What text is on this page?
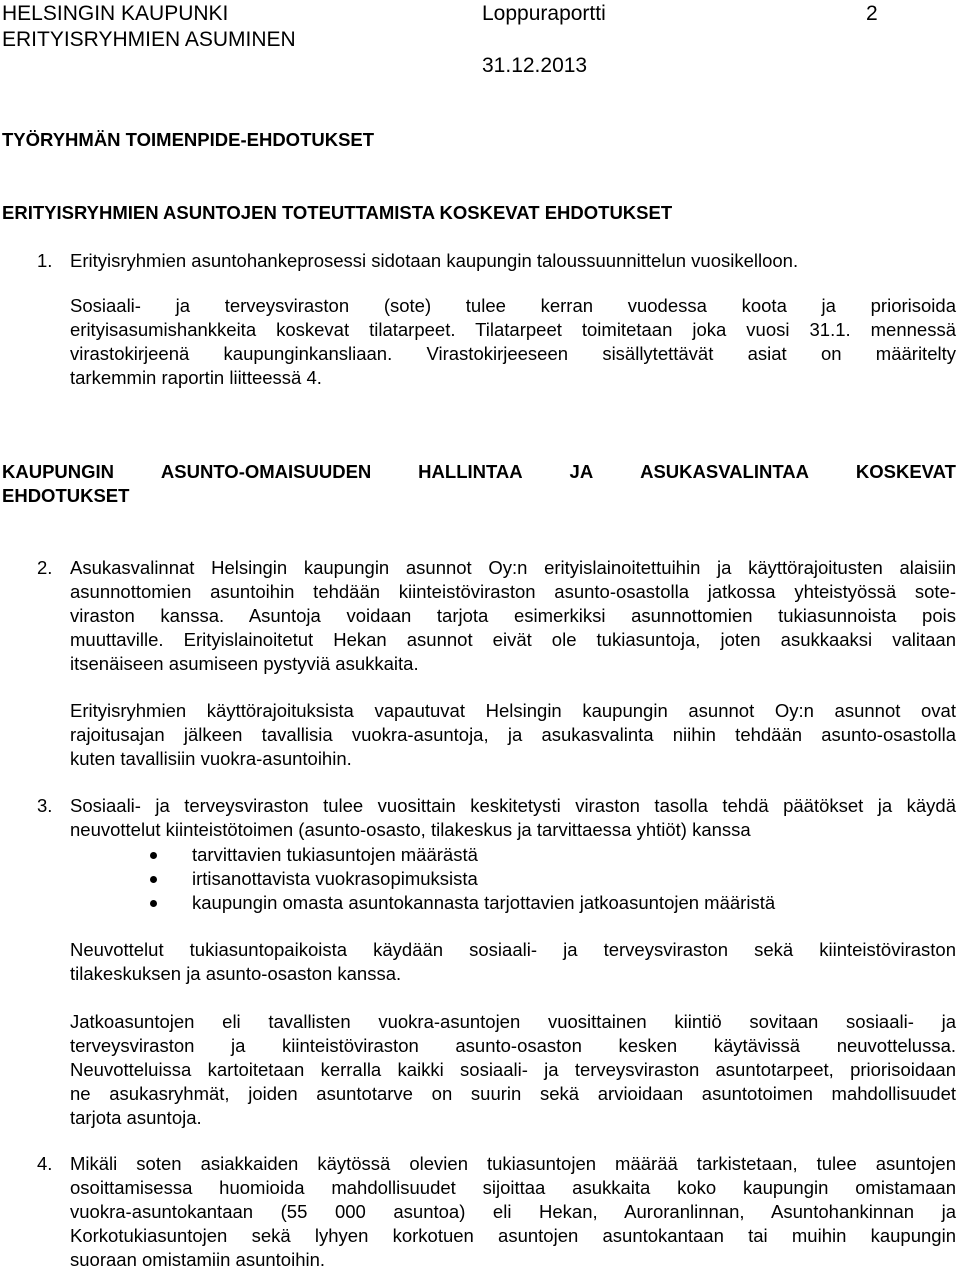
HELSINGIN KAUPUNKI
ERITYISRYHMIEN ASUMINEN
Loppuraportti	2
31.12.2013
TYÖRYHMÄN TOIMENPIDE-EHDOTUKSET
ERITYISRYHMIEN ASUNTOJEN TOTEUTTAMISTA KOSKEVAT EHDOTUKSET
1. Erityisryhmien asuntohankeprosessi sidotaan kaupungin taloussuunnittelun vuosikelloon.
Sosiaali- ja terveysviraston (sote) tulee kerran vuodessa koota ja priorisoida
erityisasumishankkeita koskevat tilatarpeet. Tilatarpeet toimitetaan joka vuosi 31.1. mennessä
virastokirjeenä kaupunginkansliaan. Virastokirjeeseen sisällytettävät asiat on määritelty
tarkemmin raportin liitteessä 4.
KAUPUNGIN	ASUNTO-OMAISUUDEN	HALLINTAA	JA	ASUKASVALINTAA	KOSKEVAT
EHDOTUKSET
2. Asukasvalinnat Helsingin kaupungin asunnot Oy:n erityislainoitettuihin ja käyttörajoitusten alaisiin
asunnottomien asuntoihin tehdään kiinteistöviraston asunto-osastolla jatkossa yhteistyössä sote-
viraston kanssa. Asuntoja voidaan tarjota esimerkiksi asunnottomien tukiasunnoista pois
muuttaville. Erityislainoitetut Hekan asunnot eivät ole tukiasuntoja, joten asukkaaksi valitaan
itsenäiseen asumiseen pystyviä asukkaita.
Erityisryhmien käyttörajoituksista vapautuvat Helsingin kaupungin asunnot Oy:n asunnot ovat
rajoitusajan jälkeen tavallisia vuokra-asuntoja, ja asukasvalinta niihin tehdään asunto-osastolla
kuten tavallisiin vuokra-asuntoihin.
3. Sosiaali- ja terveysviraston tulee vuosittain keskitetysti viraston tasolla tehdä päätökset ja käydä
neuvottelut kiinteistötoimen (asunto-osasto, tilakeskus ja tarvittaessa yhtiöt) kanssa
tarvittavien tukiasuntojen määrästä
irtisanottavista vuokrasopimuksista
kaupungin omasta asuntokannasta tarjottavien jatkoasuntojen määristä
Neuvottelut tukiasuntopaikoista käydään sosiaali- ja terveysviraston sekä kiinteistöviraston
tilakeskuksen ja asunto-osaston kanssa.
Jatkoasuntojen eli tavallisten vuokra-asuntojen vuosittainen kiintiö sovitaan sosiaali- ja
terveysviraston ja kiinteistöviraston asunto-osaston kesken käytävissä neuvottelussa.
Neuvotteluissa kartoitetaan kerralla kaikki sosiaali- ja terveysviraston asuntotarpeet, priorisoidaan
ne asukasryhmät, joiden asuntotarve on suurin sekä arvioidaan asuntotoimen mahdollisuudet
tarjota asuntoja.
4. Mikäli soten asiakkaiden käytössä olevien tukiasuntojen määrää tarkistetaan, tulee asuntojen
osoittamisessa huomioida mahdollisuudet sijoittaa asukkaita koko kaupungin omistamaan
vuokra-asuntokantaan (55 000 asuntoa) eli Hekan, Auroranlinnan, Asuntohankinnan ja
Korkotukiasuntojen sekä lyhyen korkotuen asuntojen asuntokantaan tai muihin kaupungin
suoraan omistamiin asuntoihin.
